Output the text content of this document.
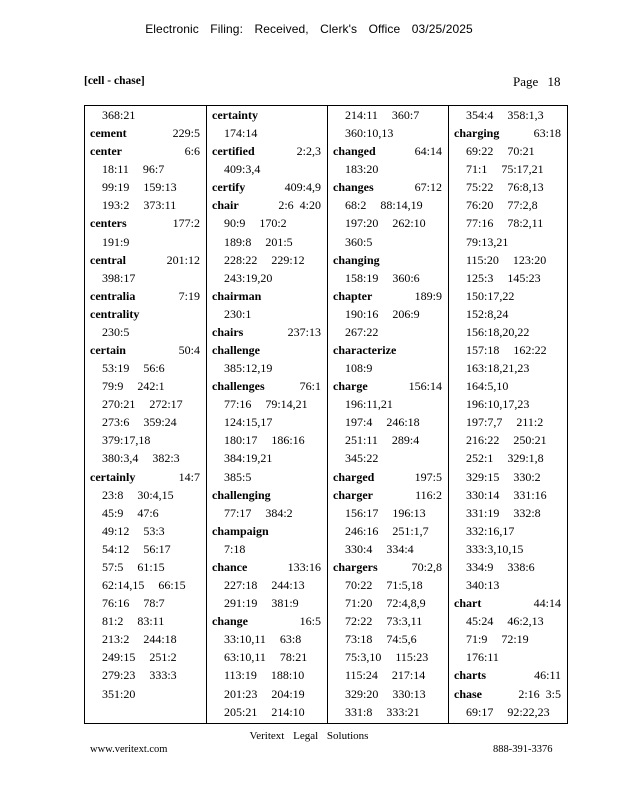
Electronic Filing: Received, Clerk's Office 03/25/2025
[cell - chase]	Page 18
368:21
cement	229:5
center	6:6
18:11  96:7
99:19  159:13
193:2  373:11
centers	177:2
191:9
central	201:12
398:17
centralia	7:19
centrality
230:5
certain	50:4
53:19  56:6
79:9  242:1
270:21  272:17
273:6  359:24
379:17,18
380:3,4  382:3
certainly	14:7
23:8  30:4,15
45:9  47:6
49:12  53:3
54:12  56:17
57:5  61:15
62:14,15  66:15
76:16  78:7
81:2  83:11
213:2  244:18
249:15  251:2
279:23  333:3
351:20
certainty
174:14
certified	2:2,3
409:3,4
certify	409:4,9
chair	2:6  4:20
90:9  170:2
189:8  201:5
228:22  229:12
243:19,20
chairman
230:1
chairs	237:13
challenge
385:12,19
challenges	76:1
77:16  79:14,21
124:15,17
180:17  186:16
384:19,21
385:5
challenging
77:17  384:2
champaign
7:18
chance	133:16
227:18  244:13
291:19  381:9
change	16:5
33:10,11  63:8
63:10,11  78:21
113:19  188:10
201:23  204:19
205:21  214:10
214:11  360:7
360:10,13
changed	64:14
183:20
changes	67:12
68:2  88:14,19
197:20  262:10
360:5
changing
158:19  360:6
chapter	189:9
190:16  206:9
267:22
characterize
108:9
charge	156:14
196:11,21
197:4  246:18
251:11  289:4
345:22
charged	197:5
charger	116:2
156:17  196:13
246:16  251:1,7
330:4  334:4
chargers	70:2,8
70:22  71:5,18
71:20  72:4,8,9
72:22  73:3,11
73:18  74:5,6
75:3,10  115:23
115:24  217:14
329:20  330:13
331:8  333:21
354:4  358:1,3
charging	63:18
69:22  70:21
71:1  75:17,21
75:22  76:8,13
76:20  77:2,8
77:16  78:2,11
79:13,21
115:20  123:20
125:3  145:23
150:17,22
152:8,24
156:18,20,22
157:18  162:22
163:18,21,23
164:5,10
196:10,17,23
197:7,7  211:2
216:22  250:21
252:1  329:1,8
329:15  330:2
330:14  331:16
331:19  332:8
332:16,17
333:3,10,15
334:9  338:6
340:13
chart	44:14
45:24  46:2,13
71:9  72:19
176:11
charts	46:11
chase	2:16  3:5
69:17  92:22,23
Veritext Legal Solutions
www.veritext.com	888-391-3376
